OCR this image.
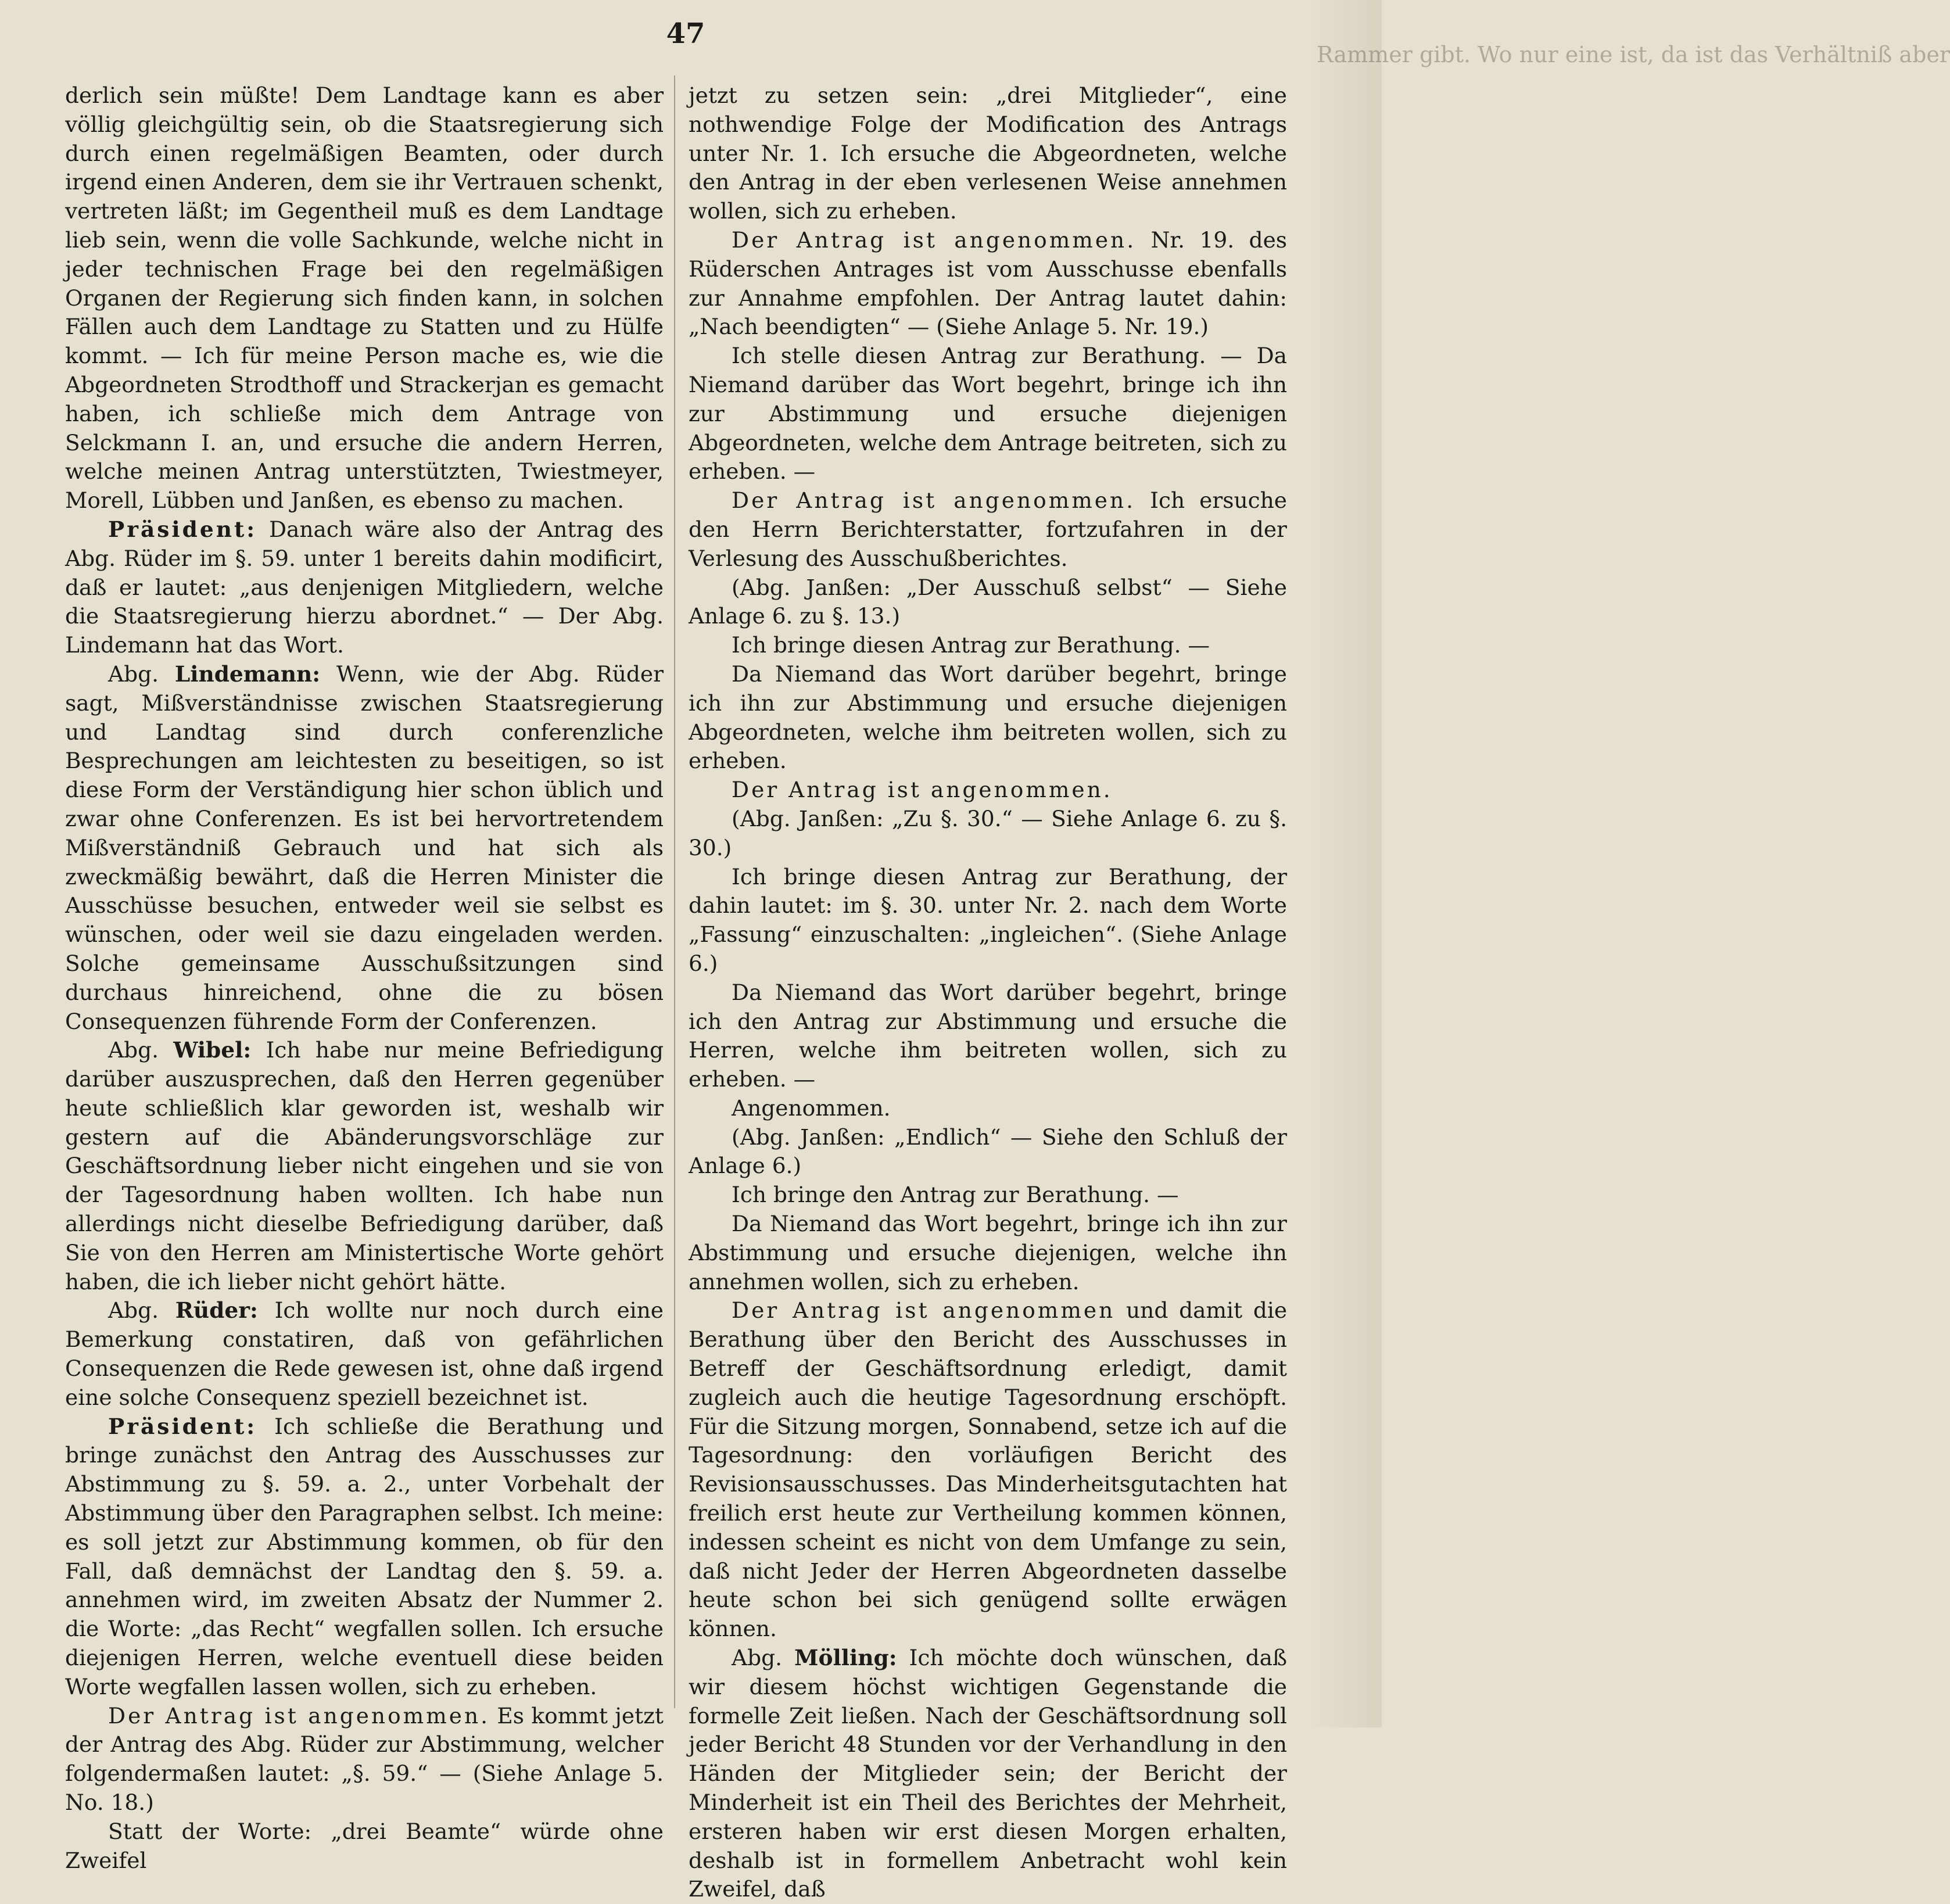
Rammer gibt. Wo nur eine ist, da ist das Verhältniß aber
47

derlich sein müßte! Dem Landtage kann es aber völlig gleichgültig sein, ob die Staatsregierung sich durch einen regelmäßigen Beamten, oder durch irgend einen Anderen, dem sie ihr Vertrauen schenkt, vertreten läßt; im Gegentheil muß es dem Landtage lieb sein, wenn die volle Sachkunde, welche nicht in jeder technischen Frage bei den regelmäßigen Organen der Regierung sich finden kann, in solchen Fällen auch dem Landtage zu Statten und zu Hülfe kommt. — Ich für meine Person mache es, wie die Abgeordneten Strodthoff und Strackerjan es gemacht haben, ich schließe mich dem Antrage von Selckmann I. an, und ersuche die andern Herren, welche meinen Antrag unterstützten, Twiestmeyer, Morell, Lübben und Janßen, es ebenso zu machen.

Präsident: Danach wäre also der Antrag des Abg. Rüder im §. 59. unter 1 bereits dahin modificirt, daß er lautet: „aus denjenigen Mitgliedern, welche die Staatsregierung hierzu abordnet.“ — Der Abg. Lindemann hat das Wort.

Abg. Lindemann: Wenn, wie der Abg. Rüder sagt, Mißverständnisse zwischen Staatsregierung und Landtag sind durch conferenzliche Besprechungen am leichtesten zu beseitigen, so ist diese Form der Verständigung hier schon üblich und zwar ohne Conferenzen. Es ist bei hervortretendem Mißverständniß Gebrauch und hat sich als zweckmäßig bewährt, daß die Herren Minister die Ausschüsse besuchen, entweder weil sie selbst es wünschen, oder weil sie dazu eingeladen werden. Solche gemeinsame Ausschußsitzungen sind durchaus hinreichend, ohne die zu bösen Consequenzen führende Form der Conferenzen.

Abg. Wibel: Ich habe nur meine Befriedigung darüber auszusprechen, daß den Herren gegenüber heute schließlich klar geworden ist, weshalb wir gestern auf die Abänderungsvorschläge zur Geschäftsordnung lieber nicht eingehen und sie von der Tagesordnung haben wollten. Ich habe nun allerdings nicht dieselbe Befriedigung darüber, daß Sie von den Herren am Ministertische Worte gehört haben, die ich lieber nicht gehört hätte.

Abg. Rüder: Ich wollte nur noch durch eine Bemerkung constatiren, daß von gefährlichen Consequenzen die Rede gewesen ist, ohne daß irgend eine solche Consequenz speziell bezeichnet ist.

Präsident: Ich schließe die Berathung und bringe zunächst den Antrag des Ausschusses zur Abstimmung zu §. 59. a. 2., unter Vorbehalt der Abstimmung über den Paragraphen selbst. Ich meine: es soll jetzt zur Abstimmung kommen, ob für den Fall, daß demnächst der Landtag den §. 59. a. annehmen wird, im zweiten Absatz der Nummer 2. die Worte: „das Recht“ wegfallen sollen. Ich ersuche diejenigen Herren, welche eventuell diese beiden Worte wegfallen lassen wollen, sich zu erheben.

Der Antrag ist angenommen. Es kommt jetzt der Antrag des Abg. Rüder zur Abstimmung, welcher folgendermaßen lautet: „§. 59.“ — (Siehe Anlage 5. No. 18.)

Statt der Worte: „drei Beamte“ würde ohne Zweifel

jetzt zu setzen sein: „drei Mitglieder“, eine nothwendige Folge der Modification des Antrags unter Nr. 1. Ich ersuche die Abgeordneten, welche den Antrag in der eben verlesenen Weise annehmen wollen, sich zu erheben.

Der Antrag ist angenommen. Nr. 19. des Rüderschen Antrages ist vom Ausschusse ebenfalls zur Annahme empfohlen. Der Antrag lautet dahin: „Nach beendigten“ — (Siehe Anlage 5. Nr. 19.)

Ich stelle diesen Antrag zur Berathung. — Da Niemand darüber das Wort begehrt, bringe ich ihn zur Abstimmung und ersuche diejenigen Abgeordneten, welche dem Antrage beitreten, sich zu erheben. —

Der Antrag ist angenommen. Ich ersuche den Herrn Berichterstatter, fortzufahren in der Verlesung des Ausschußberichtes.

(Abg. Janßen: „Der Ausschuß selbst“ — Siehe Anlage 6. zu §. 13.)

Ich bringe diesen Antrag zur Berathung. —

Da Niemand das Wort darüber begehrt, bringe ich ihn zur Abstimmung und ersuche diejenigen Abgeordneten, welche ihm beitreten wollen, sich zu erheben.

Der Antrag ist angenommen.

(Abg. Janßen: „Zu §. 30.“ — Siehe Anlage 6. zu §. 30.)

Ich bringe diesen Antrag zur Berathung, der dahin lautet: im §. 30. unter Nr. 2. nach dem Worte „Fassung“ einzuschalten: „ingleichen“. (Siehe Anlage 6.)

Da Niemand das Wort darüber begehrt, bringe ich den Antrag zur Abstimmung und ersuche die Herren, welche ihm beitreten wollen, sich zu erheben. —

Angenommen.

(Abg. Janßen: „Endlich“ — Siehe den Schluß der Anlage 6.)

Ich bringe den Antrag zur Berathung. —

Da Niemand das Wort begehrt, bringe ich ihn zur Abstimmung und ersuche diejenigen, welche ihn annehmen wollen, sich zu erheben.

Der Antrag ist angenommen und damit die Berathung über den Bericht des Ausschusses in Betreff der Geschäftsordnung erledigt, damit zugleich auch die heutige Tagesordnung erschöpft. Für die Sitzung morgen, Sonnabend, setze ich auf die Tagesordnung: den vorläufigen Bericht des Revisionsausschusses. Das Minderheitsgutachten hat freilich erst heute zur Vertheilung kommen können, indessen scheint es nicht von dem Umfange zu sein, daß nicht Jeder der Herren Abgeordneten dasselbe heute schon bei sich genügend sollte erwägen können.

Abg. Mölling: Ich möchte doch wünschen, daß wir diesem höchst wichtigen Gegenstande die formelle Zeit ließen. Nach der Geschäftsordnung soll jeder Bericht 48 Stunden vor der Verhandlung in den Händen der Mitglieder sein; der Bericht der Minderheit ist ein Theil des Berichtes der Mehrheit, ersteren haben wir erst diesen Morgen erhalten, deshalb ist in formellem Anbetracht wohl kein Zweifel, daß
